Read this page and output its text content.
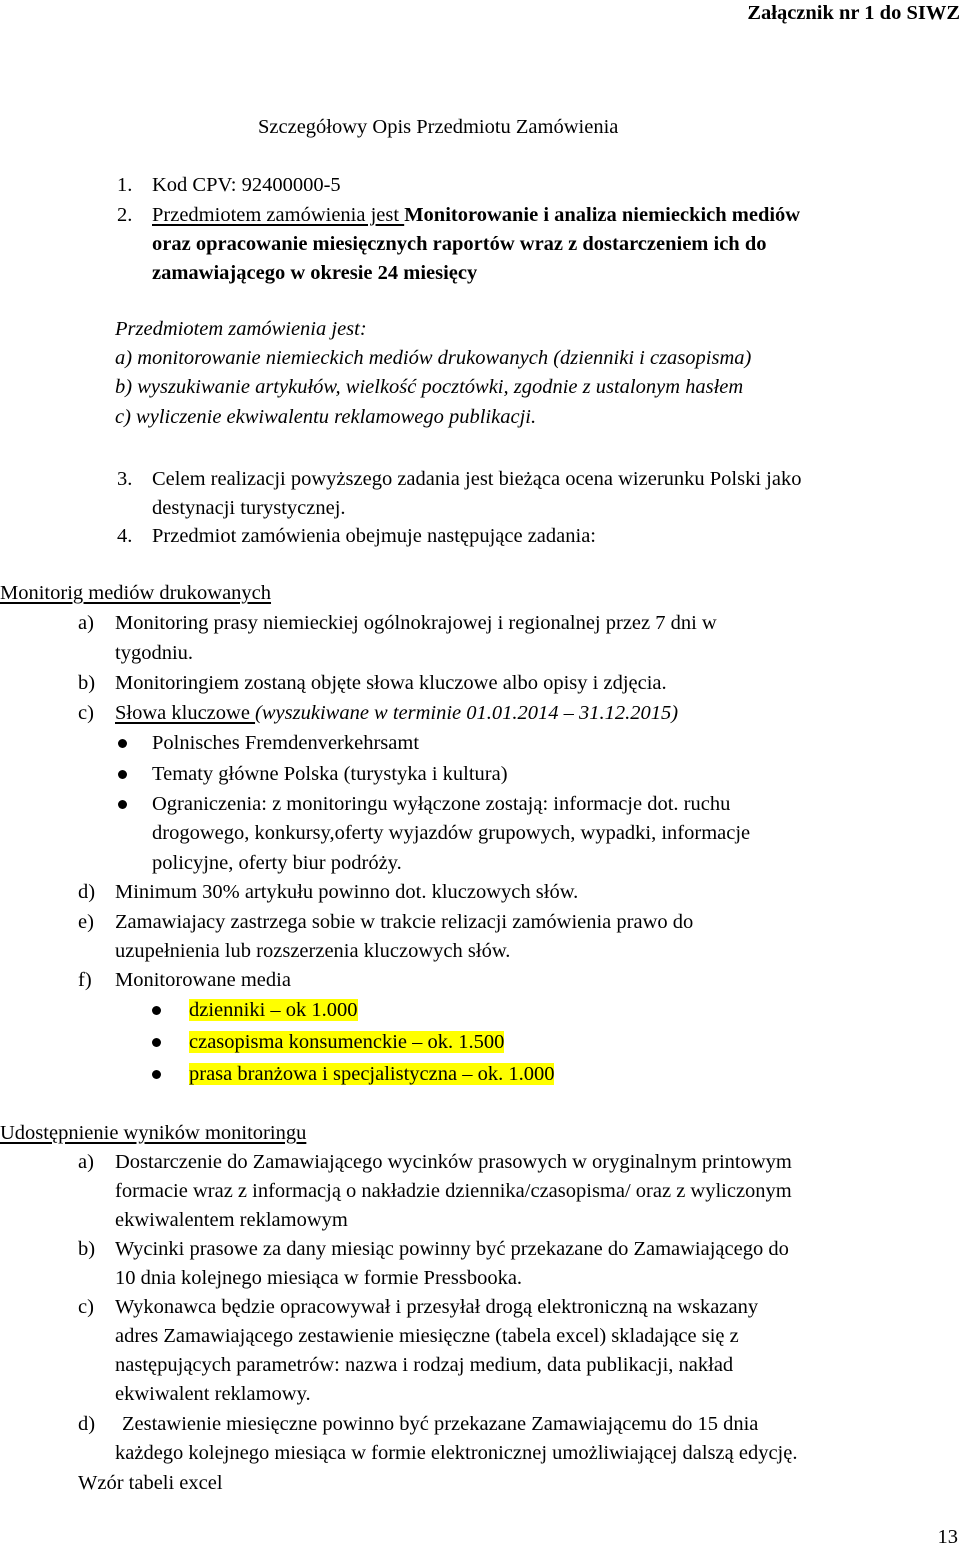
Załącznik nr 1 do SIWZ
Szczegółowy Opis Przedmiotu Zamówienia
1. Kod CPV: 92400000-5
2. Przedmiotem zamówienia jest Monitorowanie i analiza niemieckich mediów
oraz opracowanie miesięcznych raportów wraz z dostarczeniem ich do
zamawiającego w okresie 24 miesięcy
Przedmiotem zamówienia jest:
a) monitorowanie niemieckich mediów drukowanych (dzienniki i czasopisma)
b) wyszukiwanie artykułów, wielkość pocztówki, zgodnie z ustalonym hasłem
c) wyliczenie ekwiwalentu reklamowego publikacji.
3. Celem realizacji powyższego zadania jest bieżąca ocena wizerunku Polski jako
destynacji turystycznej.
4. Przedmiot zamówienia obejmuje następujące zadania:
Monitorig mediów drukowanych
a) Monitoring prasy niemieckiej ogólnokrajowej i regionalnej przez 7 dni w
tygodniu.
b) Monitoringiem zostaną objęte słowa kluczowe albo opisy i zdjęcia.
c) Słowa kluczowe (wyszukiwane w terminie 01.01.2014 – 31.12.2015)
Polnisches Fremdenverkehrsamt
Tematy główne Polska (turystyka i kultura)
Ograniczenia: z monitoringu wyłączone zostają: informacje dot. ruchu
drogowego, konkursy,oferty wyjazdów grupowych, wypadki, informacje
policyjne, oferty biur podróży.
d) Minimum 30% artykułu powinno dot. kluczowych słów.
e) Zamawiajacy zastrzega sobie w trakcie relizacji zamówienia prawo do
uzupełnienia lub rozszerzenia kluczowych słów.
f) Monitorowane media
dzienniki – ok 1.000
czasopisma konsumenckie – ok. 1.500
prasa branżowa i specjalistyczna – ok. 1.000
Udostępnienie wyników monitoringu
a) Dostarczenie do Zamawiającego wycinków prasowych w oryginalnym printowym
formacie wraz z informacją o nakładzie dziennika/czasopisma/ oraz z wyliczonym
ekwiwalentem reklamowym
b) Wycinki prasowe za dany miesiąc powinny być przekazane do Zamawiającego do
10 dnia kolejnego miesiąca w formie Pressbooka.
c) Wykonawca będzie opracowywał i przesyłał drogą elektroniczną na wskazany
adres Zamawiającego zestawienie miesięczne (tabela excel) skladające się z
następujących parametrów: nazwa i rodzaj medium, data publikacji, nakład
ekwiwalent reklamowy.
d) Zestawienie miesięczne powinno być przekazane Zamawiającemu do 15 dnia
każdego kolejnego miesiąca w formie elektronicznej umożliwiającej dalszą edycję.
Wzór tabeli excel
13
